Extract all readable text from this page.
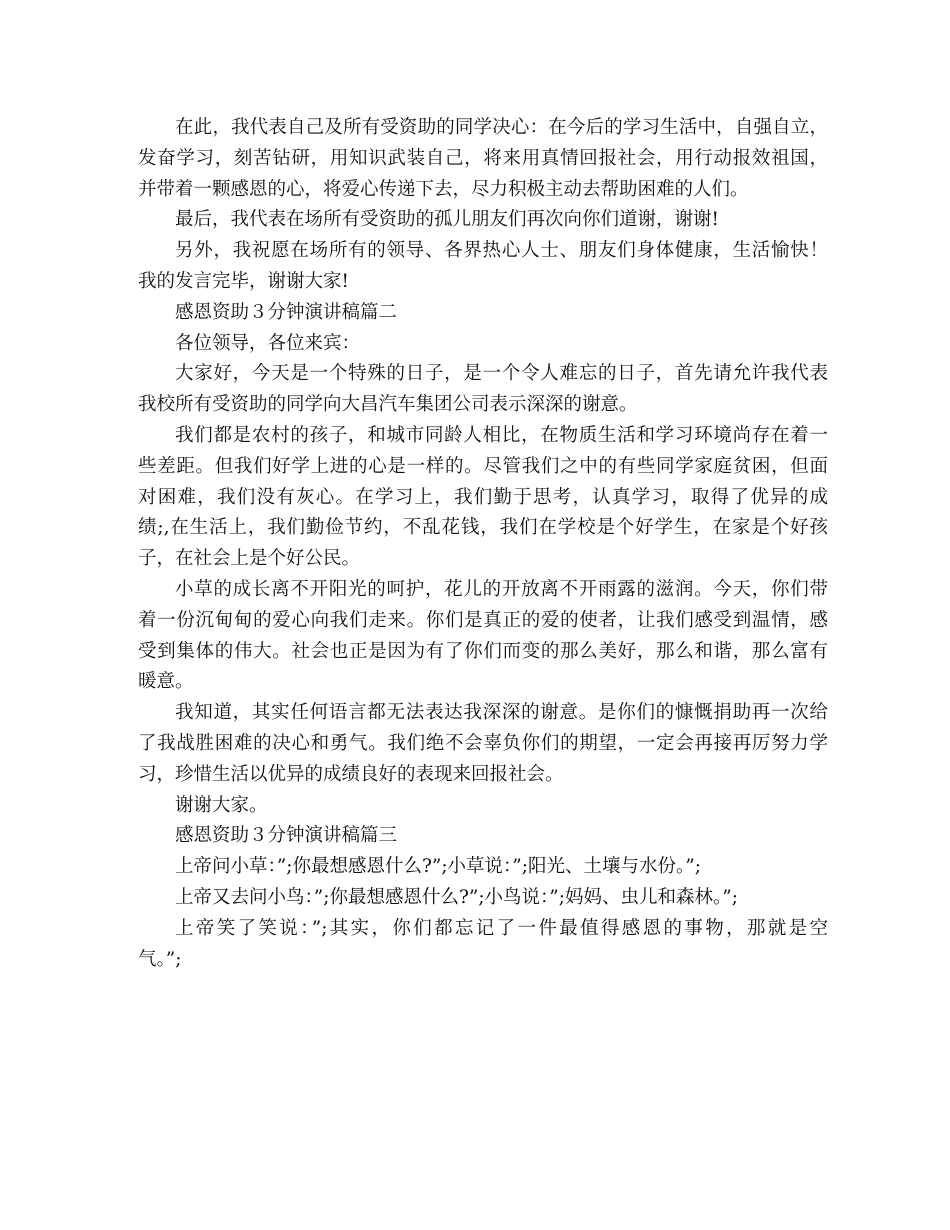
在此，我代表自己及所有受资助的同学决心：在今后的学习生活中，自强自立，
发奋学习，刻苦钻研，用知识武装自己，将来用真情回报社会，用行动报效祖国，
并带着一颗感恩的心，将爱心传递下去，尽力积极主动去帮助困难的人们。
最后，我代表在场所有受资助的孤儿朋友们再次向你们道谢，谢谢!
另外，我祝愿在场所有的领导、各界热心人士、朋友们身体健康，生活愉快！
我的发言完毕，谢谢大家!
感恩资助３分钟演讲稿篇二
各位领导，各位来宾：
大家好，今天是一个特殊的日子，是一个令人难忘的日子，首先请允许我代表
我校所有受资助的同学向大昌汽车集团公司表示深深的谢意。
我们都是农村的孩子，和城市同龄人相比，在物质生活和学习环境尚存在着一
些差距。但我们好学上进的心是一样的。尽管我们之中的有些同学家庭贫困，但面
对困难，我们没有灰心。在学习上，我们勤于思考，认真学习，取得了优异的成
绩;,在生活上，我们勤俭节约，不乱花钱，我们在学校是个好学生，在家是个好孩
子，在社会上是个好公民。
小草的成长离不开阳光的呵护，花儿的开放离不开雨露的滋润。今天，你们带
着一份沉甸甸的爱心向我们走来。你们是真正的爱的使者，让我们感受到温情，感
受到集体的伟大。社会也正是因为有了你们而变的那么美好，那么和谐，那么富有
暖意。
我知道，其实任何语言都无法表达我深深的谢意。是你们的慷慨捐助再一次给
了我战胜困难的决心和勇气。我们绝不会辜负你们的期望，一定会再接再厉努力学
习，珍惜生活以优异的成绩良好的表现来回报社会。
谢谢大家。
感恩资助３分钟演讲稿篇三
上帝问小草：”;你最想感恩什么?”;小草说：”;阳光、土壤与水份。”;
上帝又去问小鸟：”;你最想感恩什么?”;小鸟说：”;妈妈、虫儿和森林。”;
上帝笑了笑说：”;其实，你们都忘记了一件最值得感恩的事物，那就是空
气。”;
